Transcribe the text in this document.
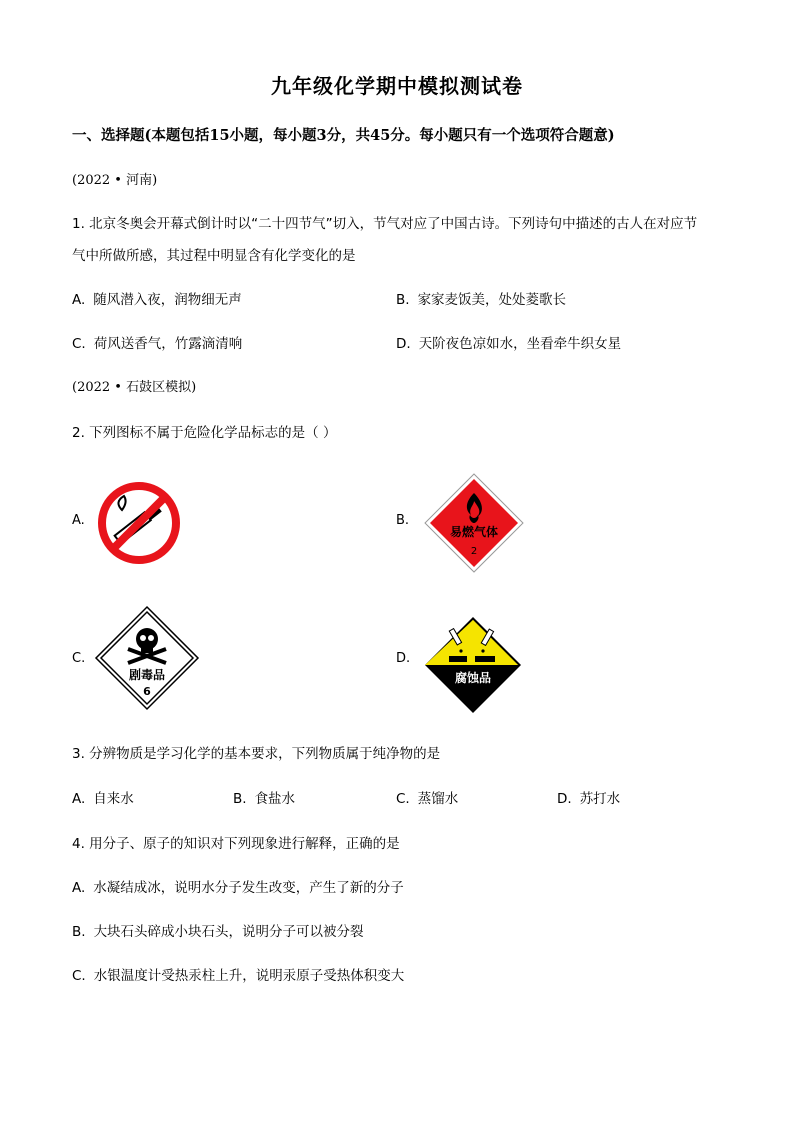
九年级化学期中模拟测试卷
一、选择题(本题包括15小题，每小题3分，共45分。每小题只有一个选项符合题意)
(2022 • 河南)
1. 北京冬奥会开幕式倒计时以“二十四节气”切入，节气对应了中国古诗。下列诗句中描述的古人在对应节
气中所做所感，其过程中明显含有化学变化的是
A. 随风潜入夜，润物细无声	B. 家家麦饭美，处处菱歌长
C. 荷风送香气，竹露滴清响	D. 天阶夜色凉如水，坐看牵牛织女星
(2022 • 石鼓区模拟)
2. 下列图标不属于危险化学品标志的是（ ）
A.	B.
易燃气体
2
C.
剧毒品
6
D.
腐蚀品
3. 分辨物质是学习化学的基本要求，下列物质属于纯净物的是
A. 自来水	B. 食盐水	C. 蒸馏水	D. 苏打水
4. 用分子、原子的知识对下列现象进行解释，正确的是
A. 水凝结成冰，说明水分子发生改变，产生了新的分子
B. 大块石头碎成小块石头，说明分子可以被分裂
C. 水银温度计受热汞柱上升，说明汞原子受热体积变大
